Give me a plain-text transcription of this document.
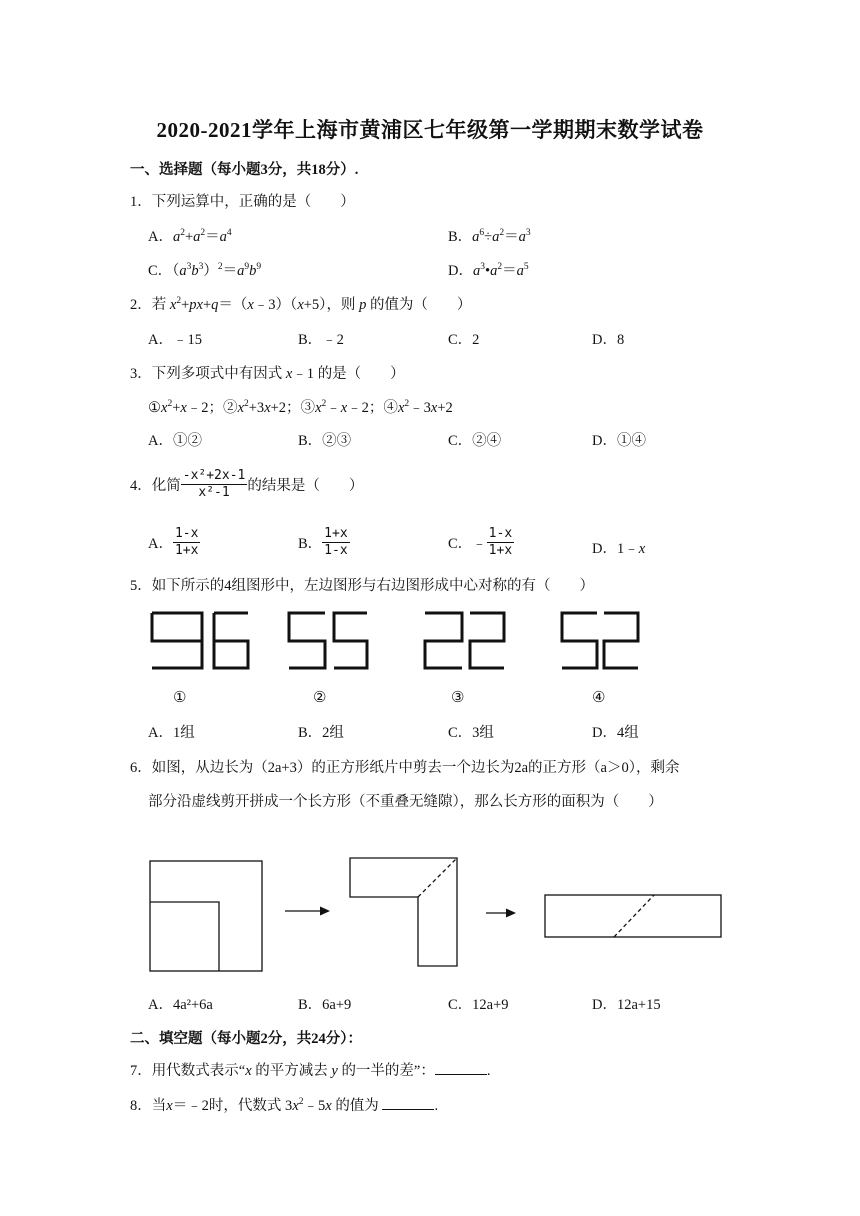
2020-2021学年上海市黄浦区七年级第一学期期末数学试卷
一、选择题（每小题3分，共18分）.
1．下列运算中，正确的是（　　）
A．$a^2+a^2=a^4$	B．$a^6\div a^2=a^3$
C．$(a^3b^3)^2=a^9b^9$	D．$a^3•a^2=a^5$
2．若 $x^2+px+q=(x﹣3)(x+5)$，则 p 的值为（　　）
A．﹣15	B．﹣2	C．2	D．8
3．下列多项式中有因式 x﹣1 的是（　　）
$①x^2+x﹣2$；$②x^2+3x+2$；$③x^2﹣x﹣2$；$④x^2﹣3x+2$
A．①②	B．②③	C．②④	D．①④
4．化简 $\frac{\text{-x²+2x-1}}{\text{x²-1}}$ 的结果是（　　）
A． $\frac{1-x}{1+x}$	B． $\frac{1+x}{1-x}$	C．﹣ $\frac{1-x}{1+x}$	D．1﹣x
5．如下所示的4组图形中，左边图形与右边图形成中心对称的有（　　）
①	②	③	④
A．1组	B．2组	C．3组	D．4组
6．如图，从边长为（2a+3）的正方形纸片中剪去一个边长为2a的正方形（a＞0），剩余
部分沿虚线剪开拼成一个长方形（不重叠无缝隙），那么长方形的面积为（　　）
A．4a²+6a	B．6a+9	C．12a+9	D．12a+15
二、填空题（每小题2分，共24分）：
7．用代数式表示“x 的平方减去 y 的一半的差”：	.
8．当x＝﹣2时，代数式 $3x^2﹣5x$ 的值为	.
